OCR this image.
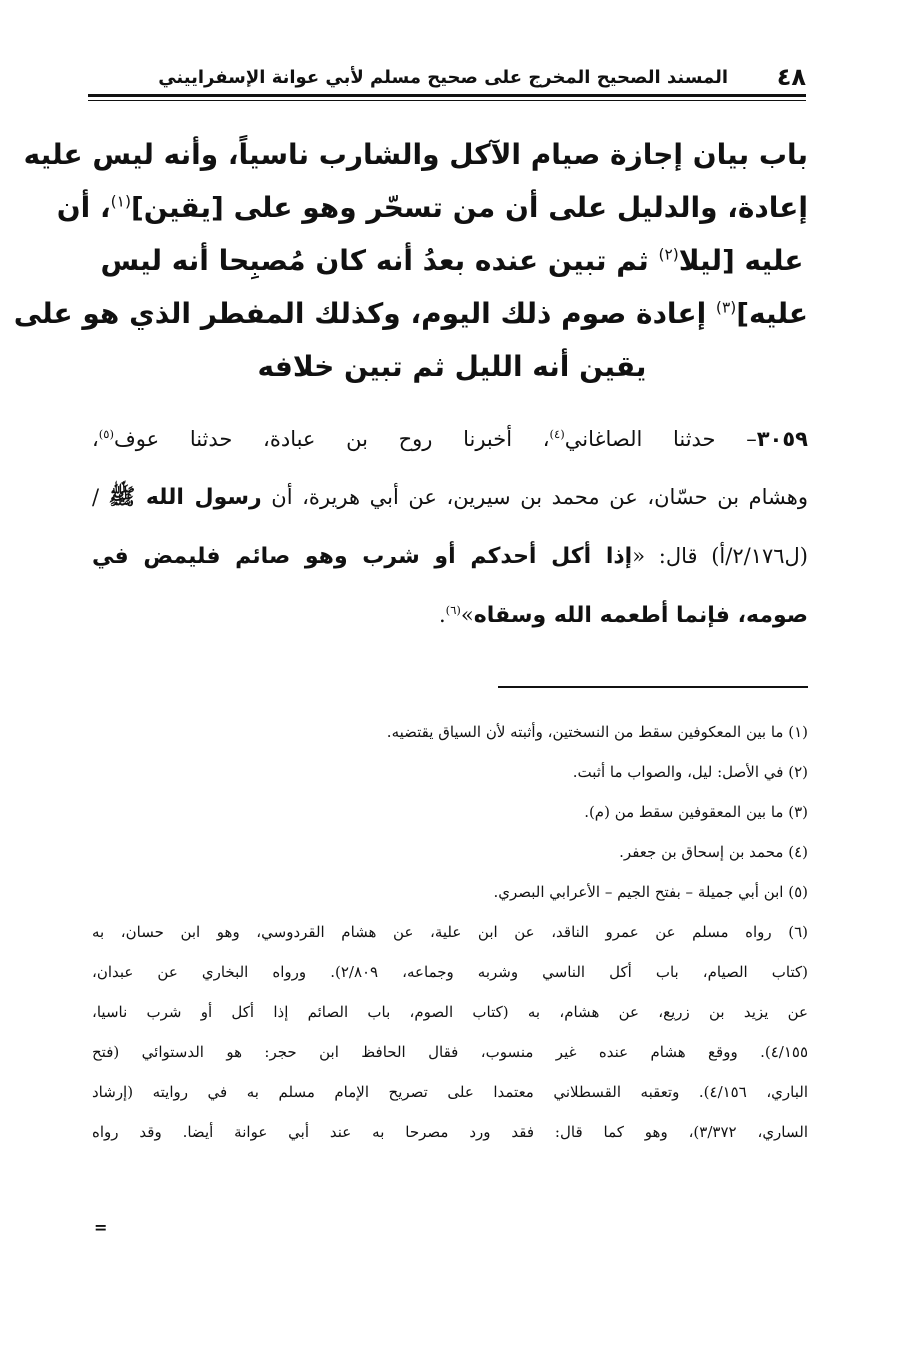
٤٨
المسند الصحيح المخرج على صحيح مسلم لأبي عوانة الإسفراييني
باب بيان إجازة صيام الآكل والشارب ناسياً، وأنه ليس عليه
إعادة، والدليل على أن من تسحّر وهو على [يقين]$^{(١)}$، أن
عليه [ليلا$^{(٢)}$ ثم تبين عنده بعدُ أنه كان مُصبِحا أنه ليس
عليه]$^{(٣)}$ إعادة صوم ذلك اليوم، وكذلك المفطر الذي هو على
يقين أنه الليل ثم تبين خلافه
٣٠٥٩– حدثنا الصاغاني$^{(٤)}$، أخبرنا روح بن عبادة، حدثنا عوف$^{(٥)}$،
وهشام بن حسّان، عن محمد بن سيرين، عن أبي هريرة، أن رسول الله ﷺ /
(ل٢/١٧٦/أ) قال: «إذا أكل أحدكم أو شرب وهو صائم فليمض في
صومه، فإنما أطعمه الله وسقاه»$^{(٦)}$.
(١) ما بين المعكوفين سقط من النسختين، وأثبته لأن السياق يقتضيه.
(٢) في الأصل: ليل، والصواب ما أثبت.
(٣) ما بين المعقوفين سقط من (م).
(٤) محمد بن إسحاق بن جعفر.
(٥) ابن أبي جميلة – بفتح الجيم – الأعرابي البصري.
(٦) رواه مسلم عن عمرو الناقد، عن ابن علية، عن هشام القردوسي، وهو ابن حسان، به
(كتاب الصيام، باب أكل الناسي وشربه وجماعه، ٢/٨٠٩). ورواه البخاري عن عبدان،
عن يزيد بن زريع، عن هشام، به (كتاب الصوم، باب الصائم إذا أكل أو شرب ناسيا،
٤/١٥٥). ووقع هشام عنده غير منسوب، فقال الحافظ ابن حجر: هو الدستوائي (فتح
الباري، ٤/١٥٦). وتعقبه القسطلاني معتمدا على تصريح الإمام مسلم به في روايته (إرشاد
الساري، ٣/٣٧٢)، وهو كما قال: فقد ورد مصرحا به عند أبي عوانة أيضا. وقد رواه
=
